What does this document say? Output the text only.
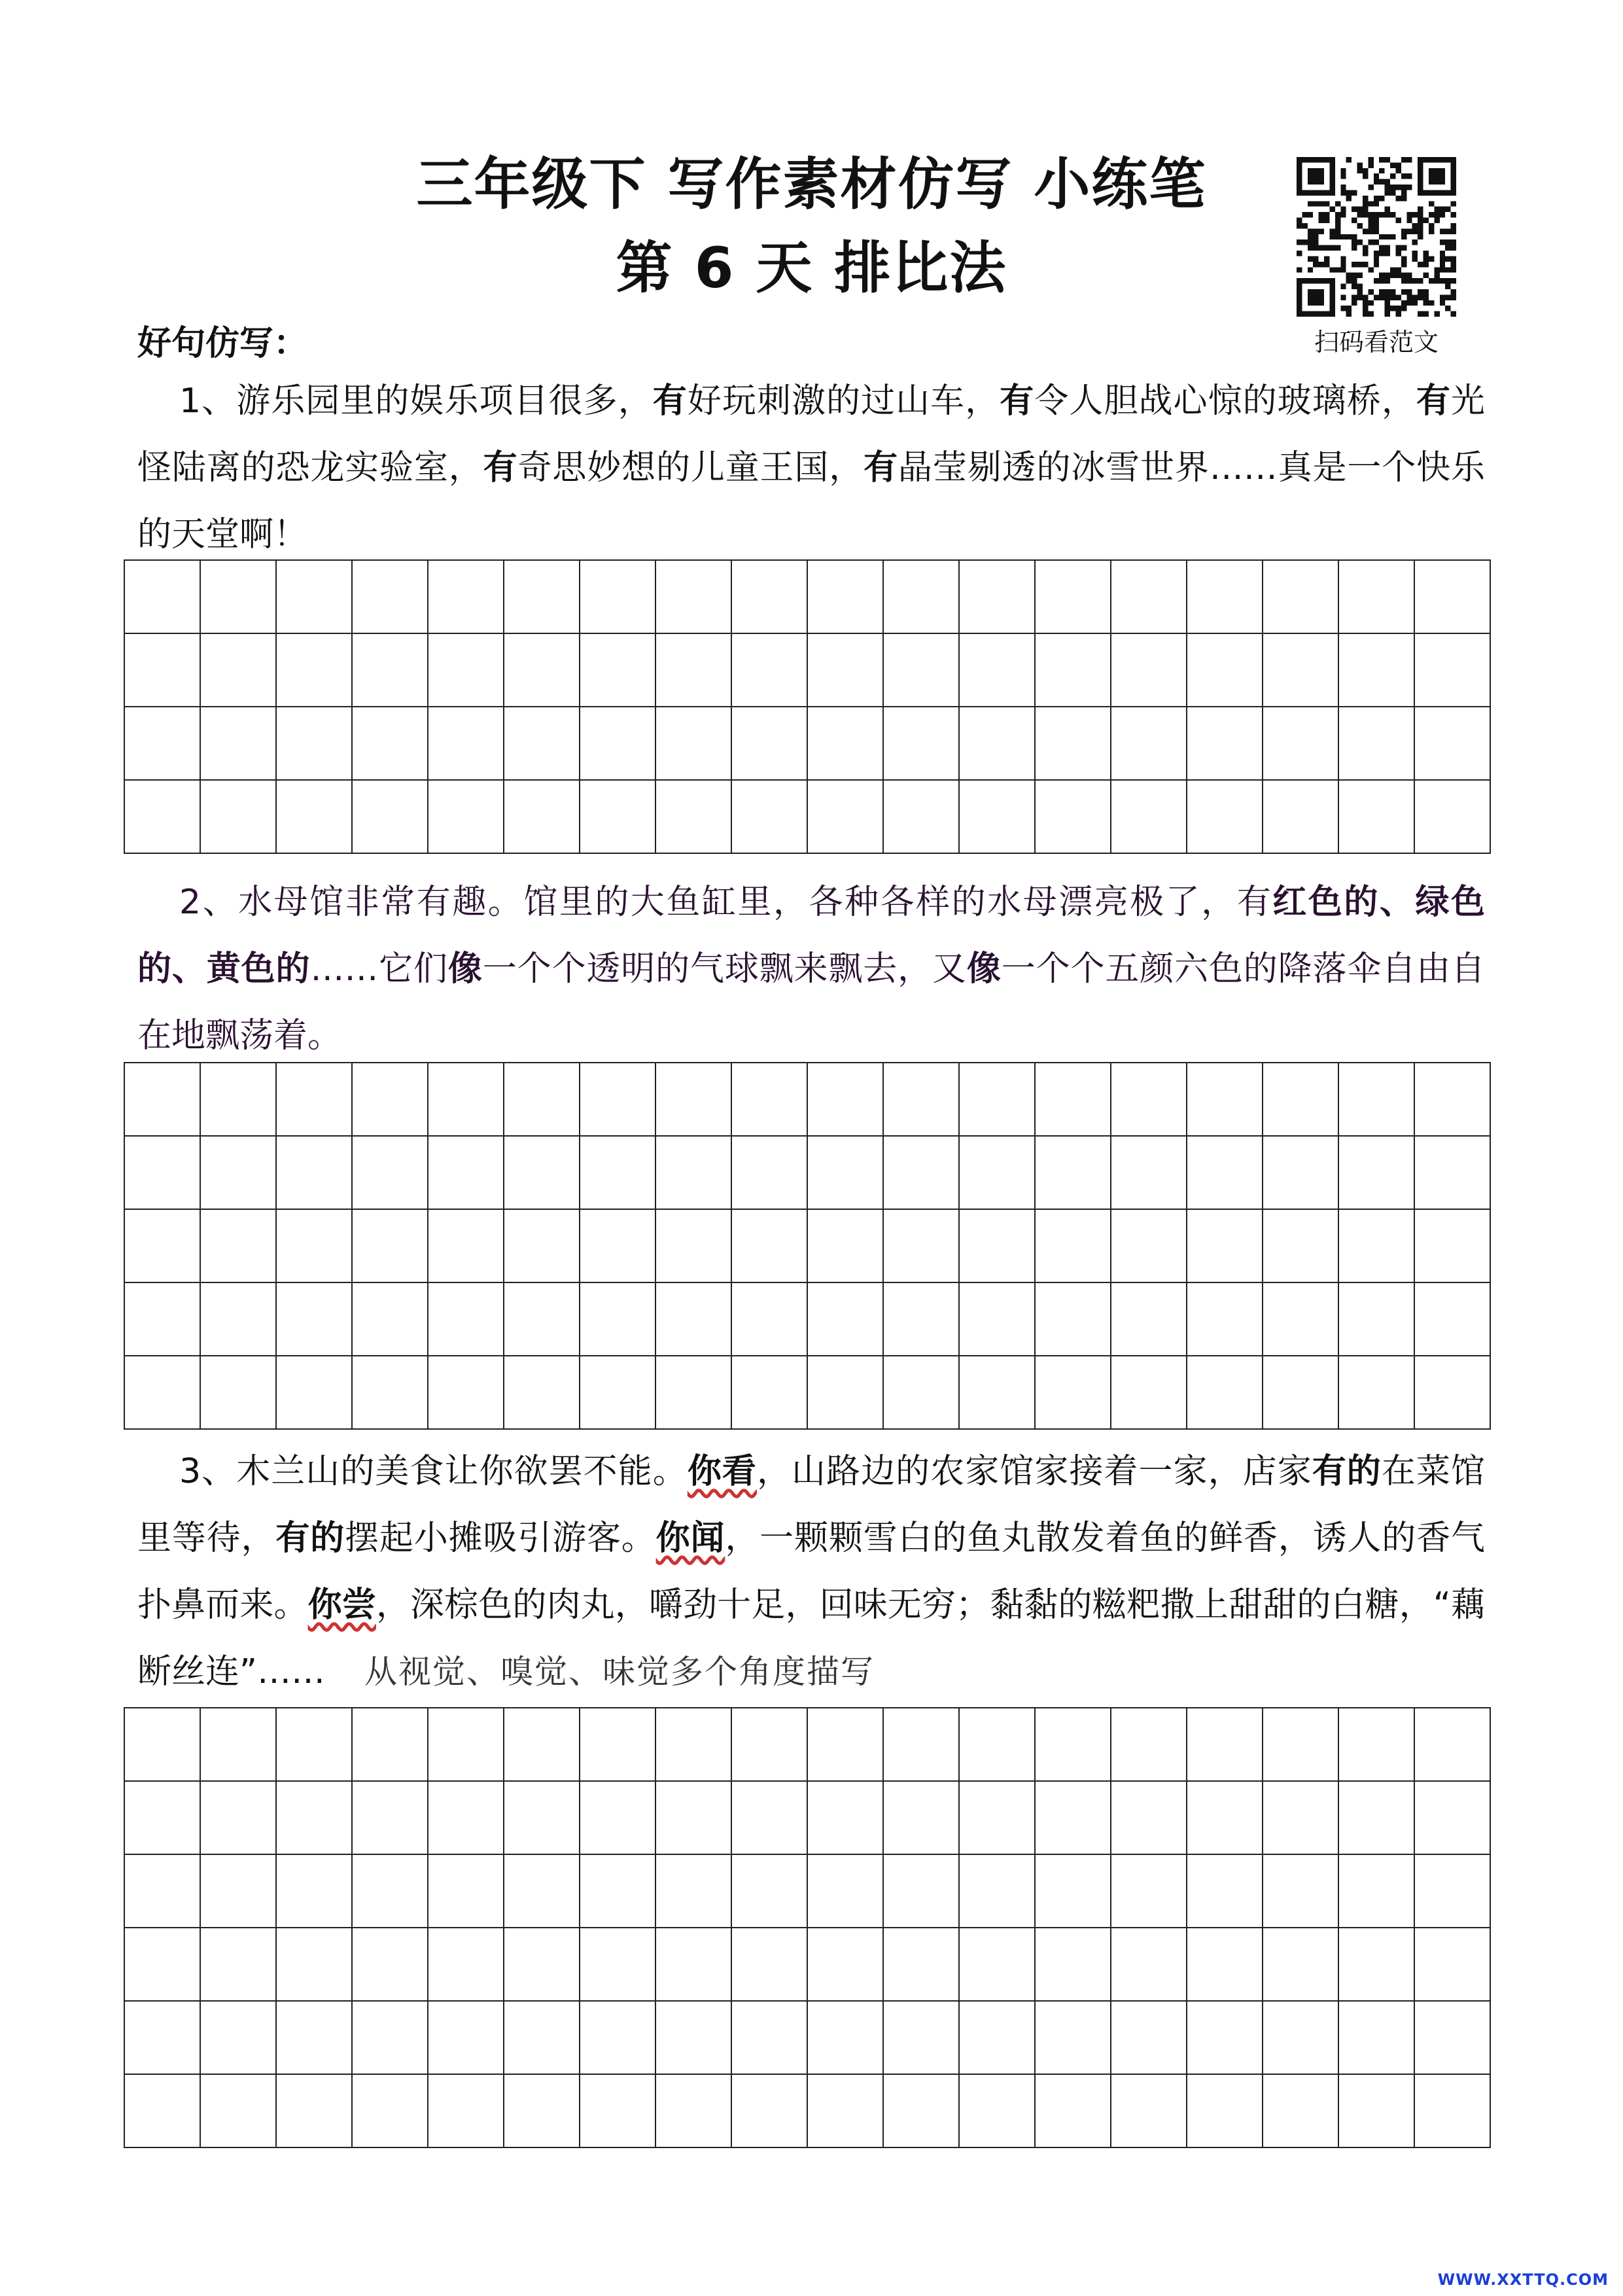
三年级下 写作素材仿写 小练笔
第 6 天 排比法
扫码看范文
好句仿写：
1、游乐园里的娱乐项目很多，有好玩刺激的过山车，有令人胆战心惊的玻璃桥，有光怪陆离的恐龙实验室，有奇思妙想的儿童王国，有晶莹剔透的冰雪世界……真是一个快乐的天堂啊！

2、水母馆非常有趣。馆里的大鱼缸里，各种各样的水母漂亮极了，有红色的、绿色的、黄色的……它们像一个个透明的气球飘来飘去，又像一个个五颜六色的降落伞自由自在地飘荡着。

3、木兰山的美食让你欲罢不能。你看，山路边的农家馆家接着一家，店家有的在菜馆里等待，有的摆起小摊吸引游客。你闻，一颗颗雪白的鱼丸散发着鱼的鲜香，诱人的香气扑鼻而来。你尝，深棕色的肉丸，嚼劲十足，回味无穷；黏黏的糍粑撒上甜甜的白糖，“藕断丝连”…… 从视觉、嗅觉、味觉多个角度描写

WWW.XXTTQ.COM
